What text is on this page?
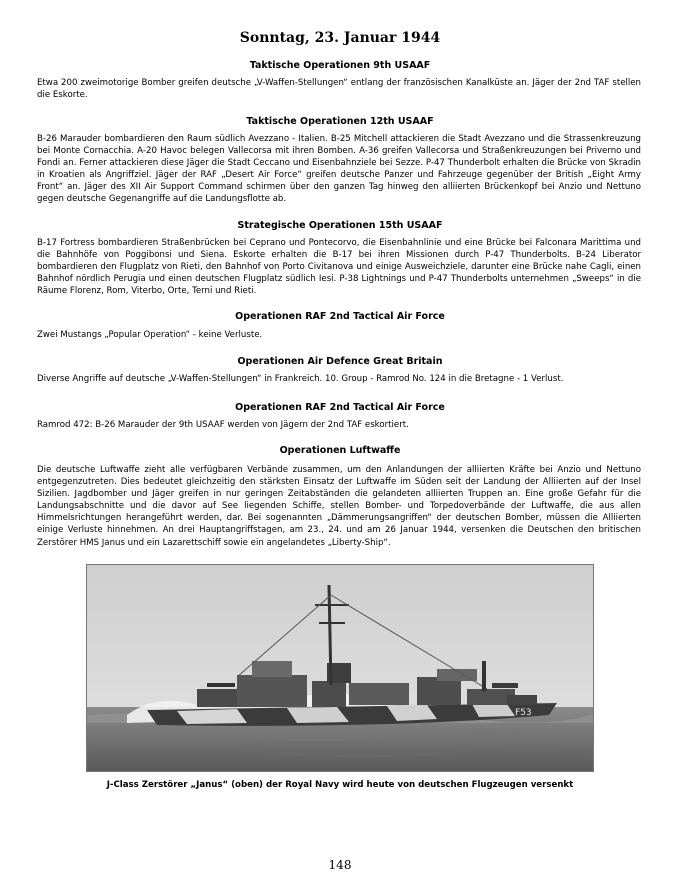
Sonntag, 23. Januar 1944
Taktische Operationen 9th USAAF

Etwa 200 zweimotorige Bomber greifen deutsche „V-Waffen-Stellungen“ entlang der französischen Kanalküste an. Jäger der 2nd TAF stellen die Eskorte.

Taktische Operationen 12th USAAF

B-26 Marauder bombardieren den Raum südlich Avezzano - Italien. B-25 Mitchell attackieren die Stadt Avezzano und die Strassenkreuzung bei Monte Cornacchia. A-20 Havoc belegen Vallecorsa mit ihren Bomben. A-36 greifen Vallecorsa und Straßenkreuzungen bei Priverno und Fondi an. Ferner attackieren diese Jäger die Stadt Ceccano und Eisenbahnziele bei Sezze. P-47 Thunderbolt erhalten die Brücke von Skradin in Kroatien als Angriffziel. Jäger der RAF „Desert Air Force“ greifen deutsche Panzer und Fahrzeuge gegenüber der British „Eight Army Front“ an. Jäger des XII Air Support Command schirmen über den ganzen Tag hinweg den alliierten Brückenkopf bei Anzio und Nettuno gegen deutsche Gegenangriffe auf die Landungsflotte ab.

Strategische Operationen 15th USAAF

B-17 Fortress bombardieren Straßenbrücken bei Ceprano und Pontecorvo, die Eisenbahnlinie und eine Brücke bei Falconara Marittima und die Bahnhöfe von Poggibonsi und Siena. Eskorte erhalten die B-17 bei ihren Missionen durch P-47 Thunderbolts. B-24 Liberator bombardieren den Flugplatz von Rieti, den Bahnhof von Porto Civitanova und einige Ausweichziele, darunter eine Brücke nahe Cagli, einen Bahnhof nördlich Perugia und einen deutschen Flugplatz südlich Iesi. P-38 Lightnings und P-47 Thunderbolts unternehmen „Sweeps“ in die Räume Florenz, Rom, Viterbo, Orte, Terni und Rieti.

Operationen RAF 2nd Tactical Air Force

Zwei Mustangs „Popular Operation“ - keine Verluste.

Operationen Air Defence Great Britain

Diverse Angriffe auf deutsche „V-Waffen-Stellungen“ in Frankreich. 10. Group - Ramrod No. 124 in die Bretagne - 1 Verlust.

Operationen RAF 2nd Tactical Air Force

Ramrod 472: B-26 Marauder der 9th USAAF werden von Jägern der 2nd TAF eskortiert.

Operationen Luftwaffe

Die deutsche Luftwaffe zieht alle verfügbaren Verbände zusammen, um den Anlandungen der alliierten Kräfte bei Anzio und Nettuno entgegenzutreten. Dies bedeutet gleichzeitig den stärksten Einsatz der Luftwaffe im Süden seit der Landung der Alliierten auf der Insel Sizilien. Jagdbomber und Jäger greifen in nur geringen Zeitabständen die gelandeten alliierten Truppen an. Eine große Gefahr für die Landungsabschnitte und die davor auf See liegenden Schiffe, stellen Bomber- und Torpedoverbände der Luftwaffe, die aus allen Himmelsrichtungen herangeführt werden, dar. Bei sogenannten „Dämmerungsangriffen“ der deutschen Bomber, müssen die Alliierten einige Verluste hinnehmen. An drei Hauptangriffstagen, am 23., 24. und am 26 Januar 1944, versenken die Deutschen den britischen Zerstörer HMS Janus und ein Lazarettschiff sowie ein angelandetes „Liberty-Ship“.

F53
J-Class Zerstörer „Janus“ (oben) der Royal Navy wird heute von deutschen Flugzeugen versenkt
148
